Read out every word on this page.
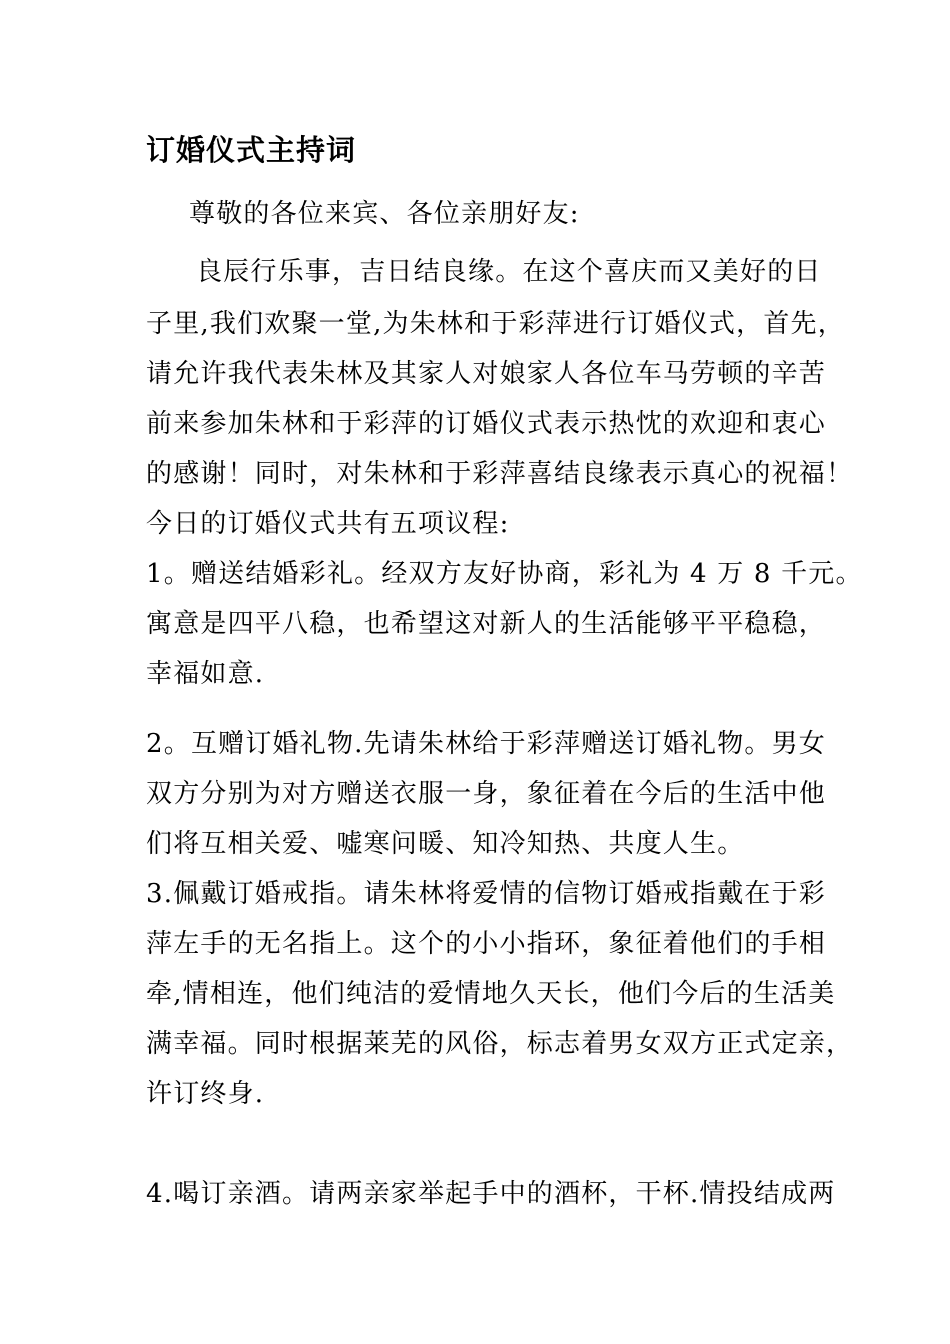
订婚仪式主持词
尊敬的各位来宾、各位亲朋好友:
良辰行乐事，吉日结良缘。在这个喜庆而又美好的日
子里,我们欢聚一堂,为朱林和于彩萍进行订婚仪式，首先，
请允许我代表朱林及其家人对娘家人各位车马劳顿的辛苦
前来参加朱林和于彩萍的订婚仪式表示热忱的欢迎和衷心
的感谢！同时，对朱林和于彩萍喜结良缘表示真心的祝福！
今日的订婚仪式共有五项议程:
1。赠送结婚彩礼。经双方友好协商，彩礼为 4 万 8 千元。
寓意是四平八稳，也希望这对新人的生活能够平平稳稳，
幸福如意.
2。互赠订婚礼物.先请朱林给于彩萍赠送订婚礼物。男女
双方分别为对方赠送衣服一身，象征着在今后的生活中他
们将互相关爱、嘘寒问暖、知冷知热、共度人生。
3.佩戴订婚戒指。请朱林将爱情的信物订婚戒指戴在于彩
萍左手的无名指上。这个的小小指环，象征着他们的手相
牵,情相连，他们纯洁的爱情地久天长，他们今后的生活美
满幸福。同时根据莱芜的风俗，标志着男女双方正式定亲，
许订终身.
4.喝订亲酒。请两亲家举起手中的酒杯，干杯.情投结成两
